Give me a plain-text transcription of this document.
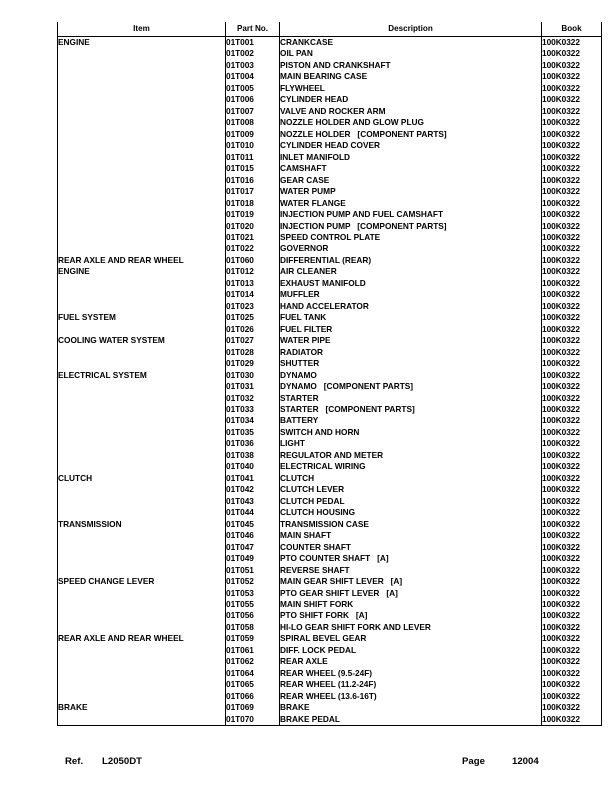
Item	Part No.	Description	Book
ENGINE	01T001	CRANKCASE	100K0322
	01T002	OIL PAN	100K0322
	01T003	PISTON AND CRANKSHAFT	100K0322
	01T004	MAIN BEARING CASE	100K0322
	01T005	FLYWHEEL	100K0322
	01T006	CYLINDER HEAD	100K0322
	01T007	VALVE AND ROCKER ARM	100K0322
	01T008	NOZZLE HOLDER AND GLOW PLUG	100K0322
	01T009	NOZZLE HOLDER   [COMPONENT PARTS]	100K0322
	01T010	CYLINDER HEAD COVER	100K0322
	01T011	INLET MANIFOLD	100K0322
	01T015	CAMSHAFT	100K0322
	01T016	GEAR CASE	100K0322
	01T017	WATER PUMP	100K0322
	01T018	WATER FLANGE	100K0322
	01T019	INJECTION PUMP AND FUEL CAMSHAFT	100K0322
	01T020	INJECTION PUMP   [COMPONENT PARTS]	100K0322
	01T021	SPEED CONTROL PLATE	100K0322
	01T022	GOVERNOR	100K0322
REAR AXLE AND REAR WHEEL	01T060	DIFFERENTIAL (REAR)	100K0322
ENGINE	01T012	AIR CLEANER	100K0322
	01T013	EXHAUST MANIFOLD	100K0322
	01T014	MUFFLER	100K0322
	01T023	HAND ACCELERATOR	100K0322
FUEL SYSTEM	01T025	FUEL TANK	100K0322
	01T026	FUEL FILTER	100K0322
COOLING WATER SYSTEM	01T027	WATER PIPE	100K0322
	01T028	RADIATOR	100K0322
	01T029	SHUTTER	100K0322
ELECTRICAL SYSTEM	01T030	DYNAMO	100K0322
	01T031	DYNAMO   [COMPONENT PARTS]	100K0322
	01T032	STARTER	100K0322
	01T033	STARTER   [COMPONENT PARTS]	100K0322
	01T034	BATTERY	100K0322
	01T035	SWITCH AND HORN	100K0322
	01T036	LIGHT	100K0322
	01T038	REGULATOR AND METER	100K0322
	01T040	ELECTRICAL WIRING	100K0322
CLUTCH	01T041	CLUTCH	100K0322
	01T042	CLUTCH LEVER	100K0322
	01T043	CLUTCH PEDAL	100K0322
	01T044	CLUTCH HOUSING	100K0322
TRANSMISSION	01T045	TRANSMISSION CASE	100K0322
	01T046	MAIN SHAFT	100K0322
	01T047	COUNTER SHAFT	100K0322
	01T049	PTO COUNTER SHAFT   [A]	100K0322
	01T051	REVERSE SHAFT	100K0322
SPEED CHANGE LEVER	01T052	MAIN GEAR SHIFT LEVER   [A]	100K0322
	01T053	PTO GEAR SHIFT LEVER   [A]	100K0322
	01T055	MAIN SHIFT FORK	100K0322
	01T056	PTO SHIFT FORK   [A]	100K0322
	01T058	HI-LO GEAR SHIFT FORK AND LEVER	100K0322
REAR AXLE AND REAR WHEEL	01T059	SPIRAL BEVEL GEAR	100K0322
	01T061	DIFF. LOCK PEDAL	100K0322
	01T062	REAR AXLE	100K0322
	01T064	REAR WHEEL (9.5-24F)	100K0322
	01T065	REAR WHEEL (11.2-24F)	100K0322
	01T066	REAR WHEEL (13.6-16T)	100K0322
BRAKE	01T069	BRAKE	100K0322
	01T070	BRAKE PEDAL	100K0322
Ref. L2050DT	Page	12004
